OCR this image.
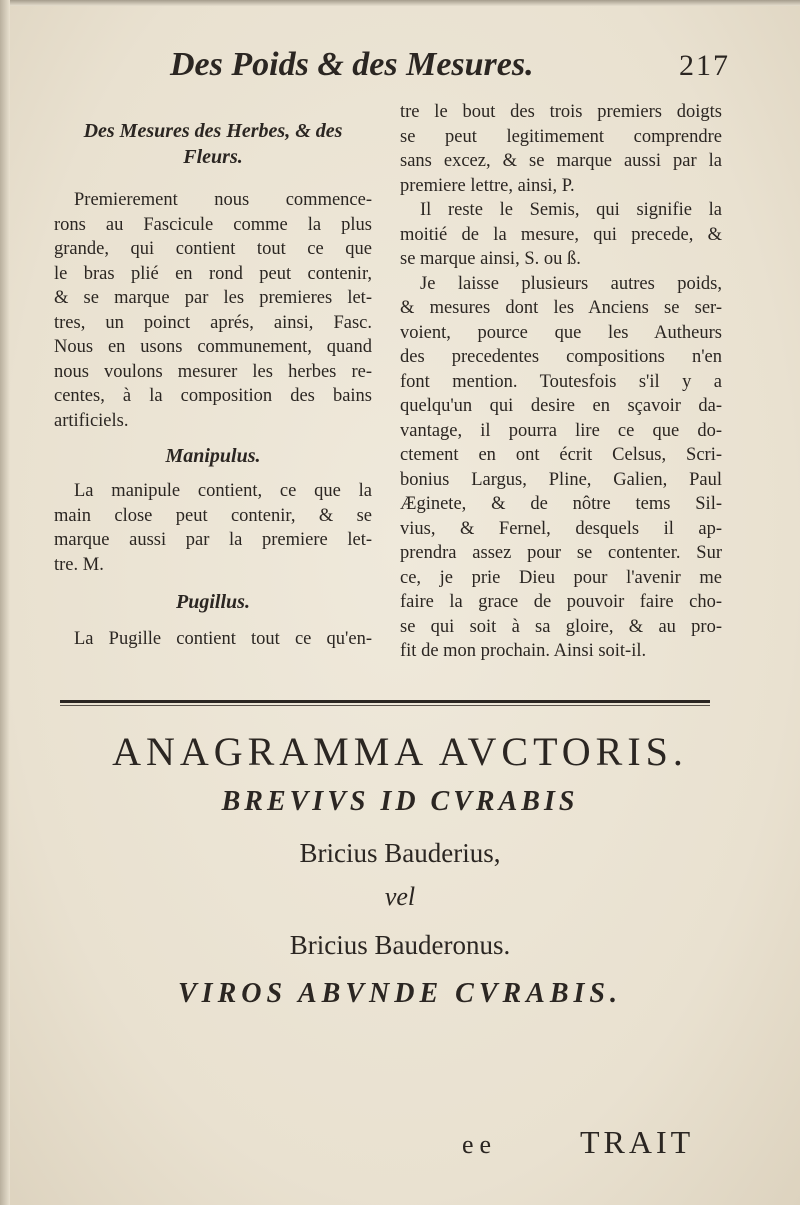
Des Poids & des Mesures.	217
Des Mesures des Herbes, & des
Fleurs.
Premierement nous commence-
rons au Fascicule comme la plus
grande, qui contient tout ce que
le bras plié en rond peut contenir,
& se marque par les premieres let-
tres, un poinct aprés, ainsi, Fasc.
Nous en usons communement, quand
nous voulons mesurer les herbes re-
centes, à la composition des bains
artificiels.
Manipulus.
La manipule contient, ce que la
main close peut contenir, & se
marque aussi par la premiere let-
tre. M.
Pugillus.
La Pugille contient tout ce qu'en-
tre le bout des trois premiers doigts
se peut legitimement comprendre
sans excez, & se marque aussi par la
premiere lettre, ainsi, P.
Il reste le Semis, qui signifie la
moitié de la mesure, qui precede, &
se marque ainsi, S. ou ß.
Je laisse plusieurs autres poids,
& mesures dont les Anciens se ser-
voient, pource que les Autheurs
des precedentes compositions n'en
font mention. Toutesfois s'il y a
quelqu'un qui desire en sçavoir da-
vantage, il pourra lire ce que do-
ctement en ont écrit Celsus, Scri-
bonius Largus, Pline, Galien, Paul
Æginete, & de nôtre tems Sil-
vius, & Fernel, desquels il ap-
prendra assez pour se contenter. Sur
ce, je prie Dieu pour l'avenir me
faire la grace de pouvoir faire cho-
se qui soit à sa gloire, & au pro-
fit de mon prochain. Ainsi soit-il.
ANAGRAMMA AVCTORIS.
BREVIVS ID CVRABIS
Bricius Bauderius,
vel
Bricius Bauderonus.
VIROS ABVNDE CVRABIS.
ee	TRAIT
